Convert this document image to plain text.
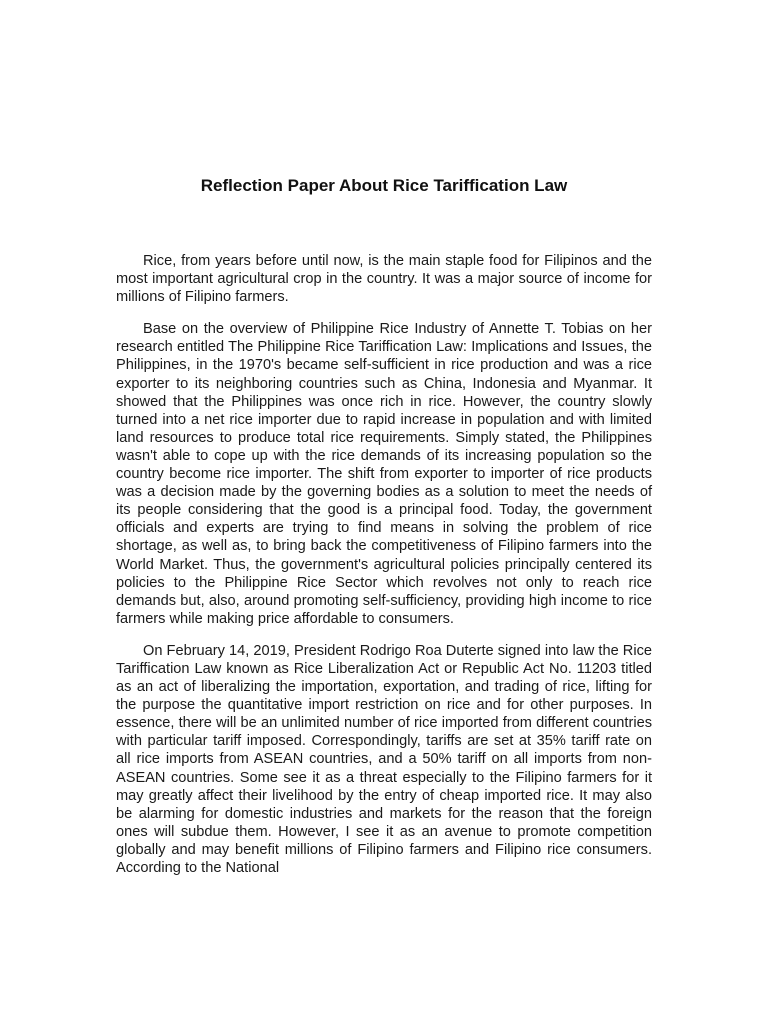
Reflection Paper About Rice Tariffication Law

Rice, from years before until now, is the main staple food for Filipinos and the most important agricultural crop in the country. It was a major source of income for millions of Filipino farmers.

Base on the overview of Philippine Rice Industry of Annette T. Tobias on her research entitled The Philippine Rice Tariffication Law: Implications and Issues, the Philippines, in the 1970's became self-sufficient in rice production and was a rice exporter to its neighboring countries such as China, Indonesia and Myanmar. It showed that the Philippines was once rich in rice. However, the country slowly turned into a net rice importer due to rapid increase in population and with limited land resources to produce total rice requirements. Simply stated, the Philippines wasn't able to cope up with the rice demands of its increasing population so the country become rice importer. The shift from exporter to importer of rice products was a decision made by the governing bodies as a solution to meet the needs of its people considering that the good is a principal food. Today, the government officials and experts are trying to find means in solving the problem of rice shortage, as well as, to bring back the competitiveness of Filipino farmers into the World Market. Thus, the government's agricultural policies principally centered its policies to the Philippine Rice Sector which revolves not only to reach rice demands but, also, around promoting self-sufficiency, providing high income to rice farmers while making price affordable to consumers.

On February 14, 2019, President Rodrigo Roa Duterte signed into law the Rice Tariffication Law known as Rice Liberalization Act or Republic Act No. 11203 titled as an act of liberalizing the importation, exportation, and trading of rice, lifting for the purpose the quantitative import restriction on rice and for other purposes. In essence, there will be an unlimited number of rice imported from different countries with particular tariff imposed. Correspondingly, tariffs are set at 35% tariff rate on all rice imports from ASEAN countries, and a 50% tariff on all imports from non-ASEAN countries. Some see it as a threat especially to the Filipino farmers for it may greatly affect their livelihood by the entry of cheap imported rice. It may also be alarming for domestic industries and markets for the reason that the foreign ones will subdue them. However, I see it as an avenue to promote competition globally and may benefit millions of Filipino farmers and Filipino rice consumers. According to the National
